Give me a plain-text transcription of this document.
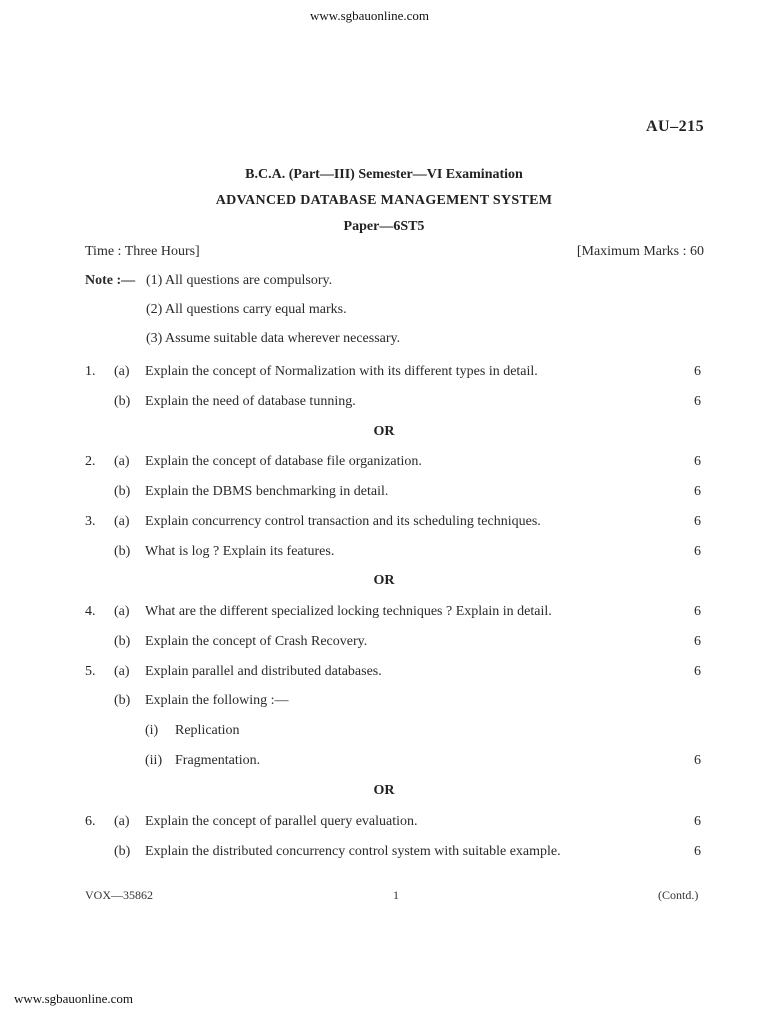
www.sgbauonline.com
AU–215
B.C.A. (Part—III) Semester—VI Examination
ADVANCED DATABASE MANAGEMENT SYSTEM
Paper—6ST5
Time : Three Hours]	[Maximum Marks : 60
Note :— (1) All questions are compulsory.
(2) All questions carry equal marks.
(3) Assume suitable data wherever necessary.
1. (a) Explain the concept of Normalization with its different types in detail.	6
(b) Explain the need of database tunning.	6
OR
2. (a) Explain the concept of database file organization.	6
(b) Explain the DBMS benchmarking in detail.	6
3. (a) Explain concurrency control transaction and its scheduling techniques.	6
(b) What is log ? Explain its features.	6
OR
4. (a) What are the different specialized locking techniques ? Explain in detail.	6
(b) Explain the concept of Crash Recovery.	6
5. (a) Explain parallel and distributed databases.	6
(b) Explain the following :—
(i) Replication
(ii) Fragmentation.	6
OR
6. (a) Explain the concept of parallel query evaluation.	6
(b) Explain the distributed concurrency control system with suitable example.	6
VOX—35862	1	(Contd.)
www.sgbauonline.com
